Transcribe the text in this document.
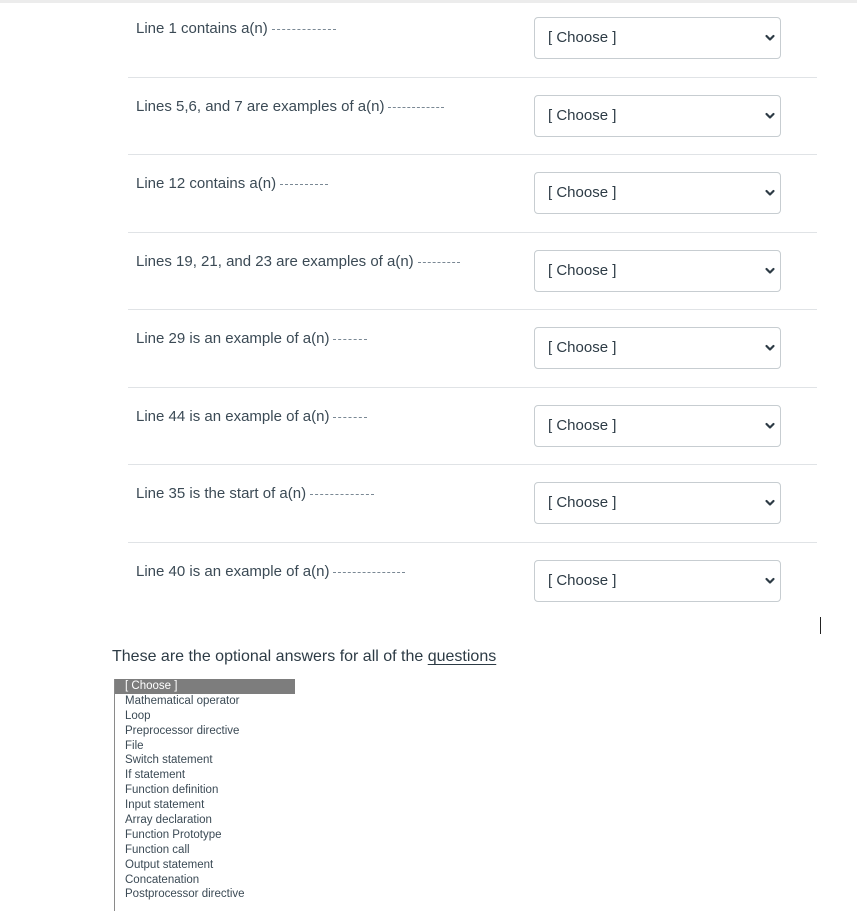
Line 1 contains a(n)
[ Choose ]
Lines 5,6, and 7 are examples of a(n)
[ Choose ]
Line 12 contains a(n)
[ Choose ]
Lines 19, 21, and 23 are examples of a(n)
[ Choose ]
Line 29 is an example of a(n)
[ Choose ]
Line 44 is an example of a(n)
[ Choose ]
Line 35 is the start of a(n)
[ Choose ]
Line 40 is an example of a(n)
[ Choose ]
These are the optional answers for all of the questions
[ Choose ]
Mathematical operator
Loop
Preprocessor directive
File
Switch statement
If statement
Function definition
Input statement
Array declaration
Function Prototype
Function call
Output statement
Concatenation
Postprocessor directive
